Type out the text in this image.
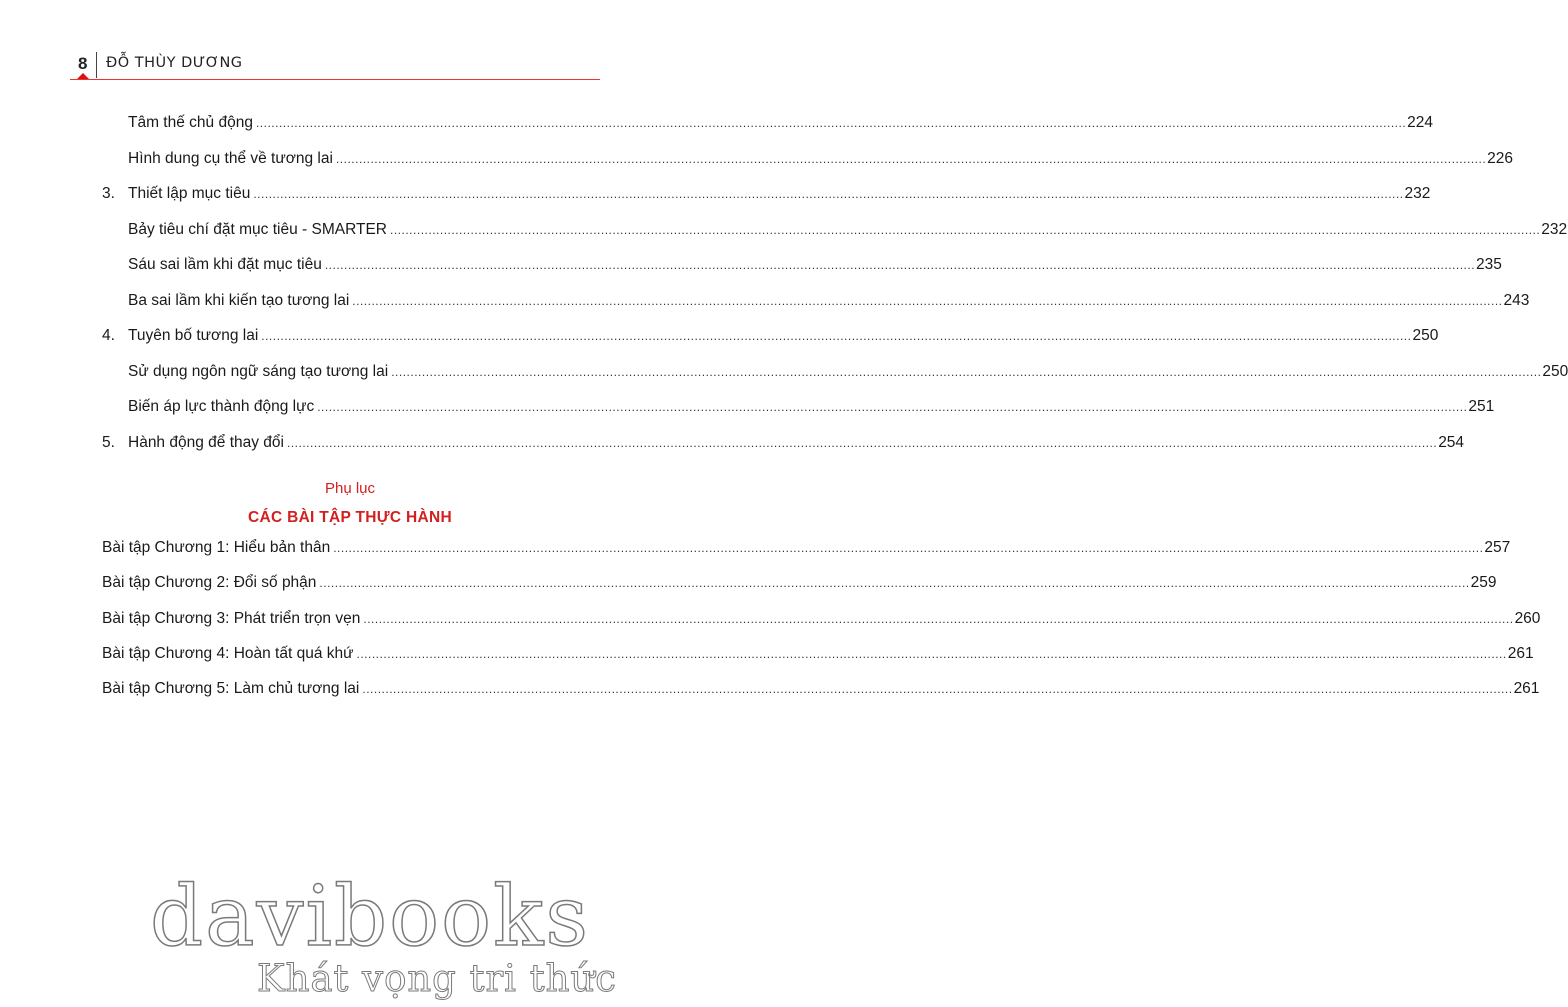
8 ĐỖ THÙY DƯƠNG
Tâm thế chủ động ............................................................................................................................................................................................................................................................................................................ 224
Hình dung cụ thể về tương lai ............................................................................................................................................................................................................................................................................................................ 226
3. Thiết lập mục tiêu ............................................................................................................................................................................................................................................................................................................ 232
Bảy tiêu chí đặt mục tiêu - SMARTER ............................................................................................................................................................................................................................................................................................................ 232
Sáu sai lầm khi đặt mục tiêu ............................................................................................................................................................................................................................................................................................................ 235
Ba sai lầm khi kiến tạo tương lai ............................................................................................................................................................................................................................................................................................................ 243
4. Tuyên bố tương lai ............................................................................................................................................................................................................................................................................................................ 250
Sử dụng ngôn ngữ sáng tạo tương lai ............................................................................................................................................................................................................................................................................................................ 250
Biến áp lực thành động lực ............................................................................................................................................................................................................................................................................................................ 251
5. Hành động để thay đổi ............................................................................................................................................................................................................................................................................................................ 254
Phụ lục
CÁC BÀI TẬP THỰC HÀNH
Bài tập Chương 1: Hiểu bản thân ............................................................................................................................................................................................................................................................................................................ 257
Bài tập Chương 2: Đổi số phận ............................................................................................................................................................................................................................................................................................................ 259
Bài tập Chương 3: Phát triển trọn vẹn ............................................................................................................................................................................................................................................................................................................ 260
Bài tập Chương 4: Hoàn tất quá khứ ............................................................................................................................................................................................................................................................................................................ 261
Bài tập Chương 5: Làm chủ tương lai ............................................................................................................................................................................................................................................................................................................ 261
davibooks
Khát vọng tri thức
